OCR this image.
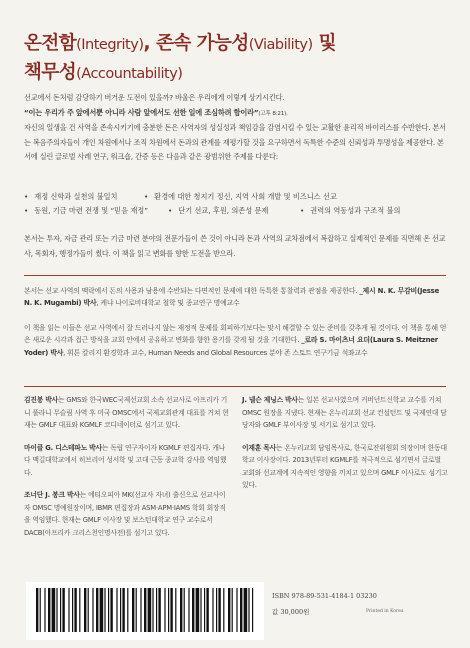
온전함(Integrity), 존속 가능성(Viability) 및
책무성(Accountability)

선교에서 돈처럼 감당하기 버거운 도전이 있을까? 바울은 우리에게 이렇게 상기시킨다.

“이는 우리가 주 앞에서뿐 아니라 사람 앞에서도 선한 일에 조심하려 함이라”(고후 8:21).

자신의 일생을 건 사역을 존속시키기에 충분한 돈은 사역자의 성실성과 책임감을 감염시킬 수 있는 교활한 윤리적 바이러스를 수반한다. 본서는 복음주의자들이 개인 차원에서나 조직 차원에서 돈과의 관계를 재평가할 것을 요구하면서 독특한 수준의 신뢰성과 투명성을 제공한다. 본서에 실린 글로벌 사례 연구, 워크숍, 간증 등은 다음과 같은 광범위한 주제를 다룬다:

• 재정 신학과 실천의 불일치	• 환경에 대한 청지기 정신, 지역 사회 개발 및 비즈니스 선교
• 동원, 기금 마련 전쟁 및 “믿음 재정”	• 단기 선교, 후원, 의존성 문제	• 권력의 역동성과 구조적 불의
본서는 투자, 자금 관리 또는 기금 마련 분야의 전문가들이 쓴 것이 아니라 돈과 사역의 교차점에서 복잡하고 실제적인 문제를 직면해 온 선교사, 목회자, 행정가들이 썼다. 이 책을 읽고 변화를 향한 도전을 받으라.
본서는 선교 사역의 맥락에서 돈의 사용과 남용에 수반되는 다면적인 문제에 대한 독특한 통찰력과 관점을 제공한다. _제시 N. K. 무감비(Jesse N. K. Mugambi) 박사, 케냐 나이로비대학교 철학 및 종교연구 명예교수
이 책을 읽는 이들은 선교 사역에서 잘 드러나지 않는 재정적 문제를 회피하기보다는 맞서 해결할 수 있는 준비를 갖추게 될 것이다. 이 책을 통해 얻은 새로운 시각과 접근 방식을 교회 안에서 공유하고 변화를 향한 용기를 갖게 될 것을 기대한다. _로라 S. 마이츠너 요더(Laura S. Meitzner Yoder) 박사, 휘튼 칼리지 환경학과 교수, Human Needs and Global Resources 분야 존 스토트 연구기금 석좌교수
김진봉 박사는 GMS와 한국WEC국제선교회 소속 선교사로 아프리카 기니 풀라니 무슬림 사역 후 미국 OMSC에서 국제교회관계 대표를 거쳐 현재는 GMLF 대표와 KGMLF 코디네이터로 섬기고 있다.
마이클 G. 디스테파노 박사는 독립 연구자이자 KGMLF 편집자다. 캐나다 맥길대학교에서 히브리어 성서학 및 고대 근동 종교학 강사를 역임했다.
조너단 J. 봉크 박사는 에티오피아 MK(선교사 자녀) 출신으로 선교사이자 OMSC 명예원장이며, IBMR 편집장과 ASM·APM·IAMS 학회 회장직을 역임했다. 현재는 GMLF 이사장 및 보스턴대학교 연구 교수로서 DACB(아프리카 크리스천인명사전)를 섬기고 있다.
J. 넬슨 제닝스 박사는 일본 선교사였으며 커버넌트신학교 교수를 거쳐 OMSC 원장을 지냈다. 현재는 온누리교회 선교 컨설턴트 및 국제연대 담당자와 GMLF 부이사장 및 서기로 섬기고 있다.
이재훈 목사는 온누리교회 담임목사로, 한국로잔위원회 의장이며 한동대학교 이사장이다. 2013년부터 KGMLF를 적극적으로 섬기면서 글로벌 교회와 선교계에 지속적인 영향을 끼치고 있으며 GMLF 이사로도 섬기고 있다.
ISBN 978-89-531-4184-1 03230
값 30,000원	Printed in Korea
